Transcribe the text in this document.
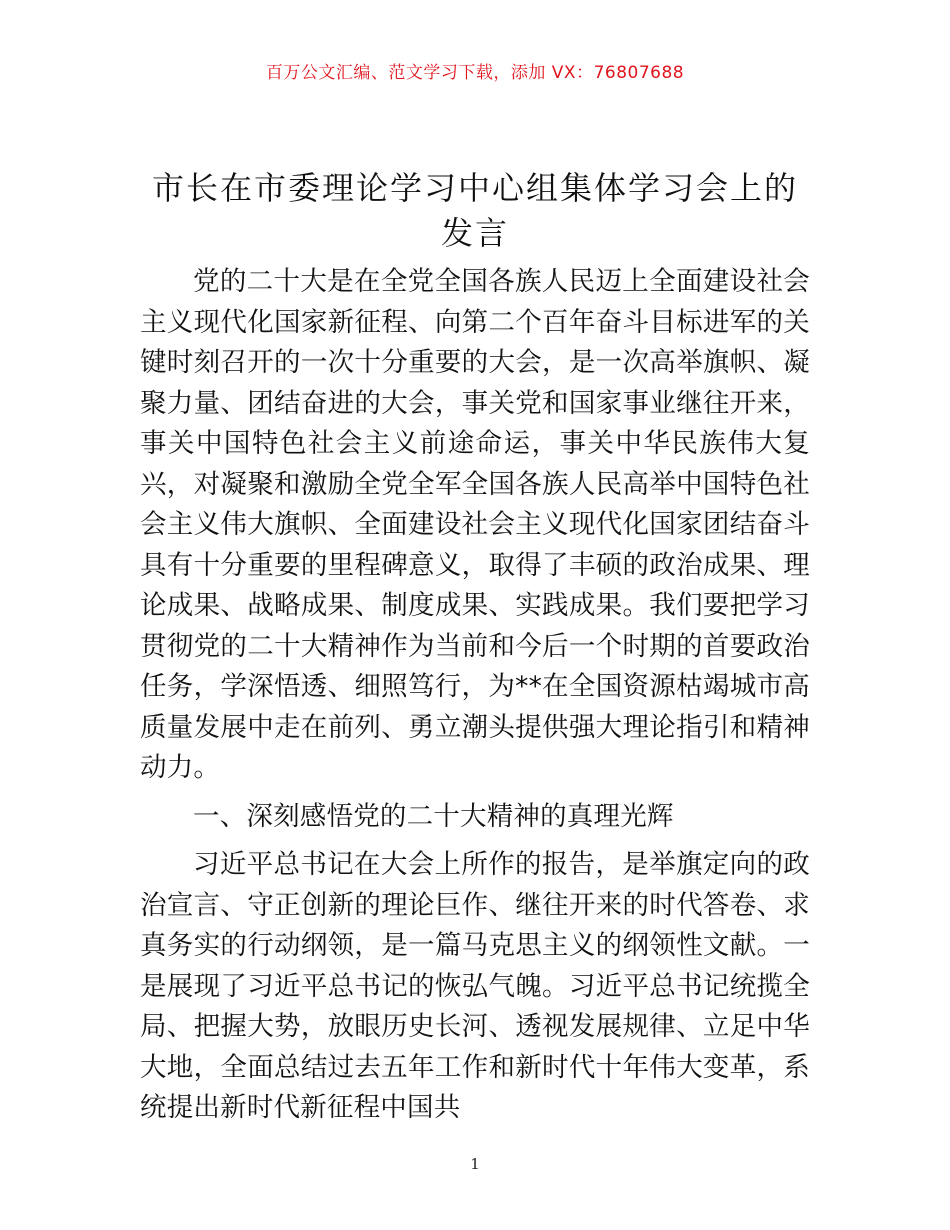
百万公文汇编、范文学习下载，添加 VX：76807688
市长在市委理论学习中心组集体学习会上的发言

党的二十大是在全党全国各族人民迈上全面建设社会主义现代化国家新征程、向第二个百年奋斗目标进军的关键时刻召开的一次十分重要的大会，是一次高举旗帜、凝聚力量、团结奋进的大会，事关党和国家事业继往开来，事关中国特色社会主义前途命运，事关中华民族伟大复兴，对凝聚和激励全党全军全国各族人民高举中国特色社会主义伟大旗帜、全面建设社会主义现代化国家团结奋斗具有十分重要的里程碑意义，取得了丰硕的政治成果、理论成果、战略成果、制度成果、实践成果。我们要把学习贯彻党的二十大精神作为当前和今后一个时期的首要政治任务，学深悟透、细照笃行，为**在全国资源枯竭城市高质量发展中走在前列、勇立潮头提供强大理论指引和精神动力。

一、深刻感悟党的二十大精神的真理光辉

习近平总书记在大会上所作的报告，是举旗定向的政治宣言、守正创新的理论巨作、继往开来的时代答卷、求真务实的行动纲领，是一篇马克思主义的纲领性文献。一是展现了习近平总书记的恢弘气魄。习近平总书记统揽全局、把握大势，放眼历史长河、透视发展规律、立足中华大地，全面总结过去五年工作和新时代十年伟大变革，系统提出新时代新征程中国共

1
